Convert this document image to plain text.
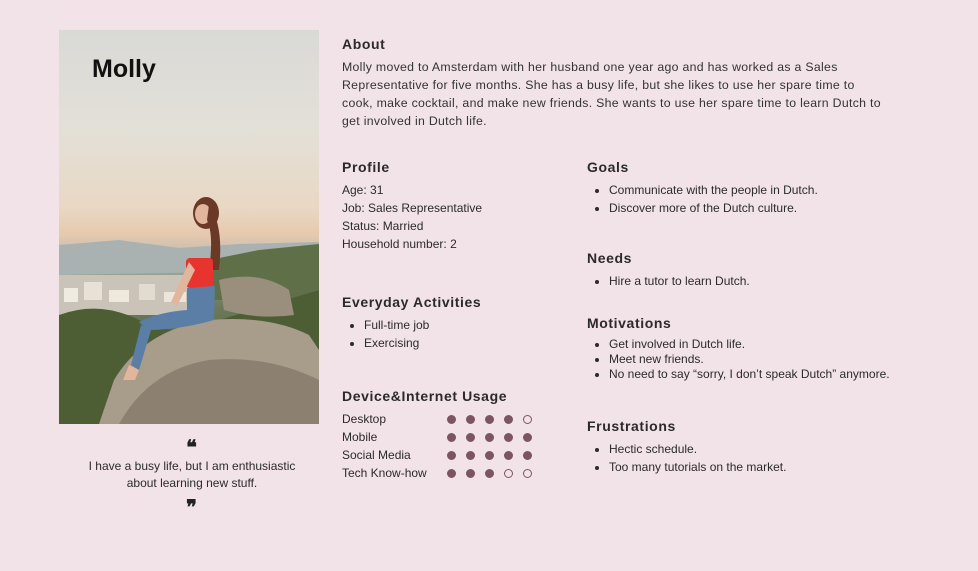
Molly
❝
I have a busy life, but I am enthusiastic about learning new stuff.
❞
About

Molly moved to Amsterdam with her husband one year ago and has worked as a Sales Representative for five months. She has a busy life, but she likes to use her spare time to cook, make cocktail, and make new friends. She wants to use her spare time to learn Dutch to get involved in Dutch life.

Profile
Age: 31
Job: Sales Representative
Status: Married
Household number: 2
Everyday Activities
• Full-time job
• Exercising
Device&Internet Usage
Desktop
Mobile
Social Media
Tech Know-how
Goals
• Communicate with the people in Dutch.
• Discover more of the Dutch culture.
Needs
• Hire a tutor to learn Dutch.
Motivations
• Get involved in Dutch life.
• Meet new friends.
• No need to say “sorry, I don’t speak Dutch” anymore.
Frustrations
• Hectic schedule.
• Too many tutorials on the market.
